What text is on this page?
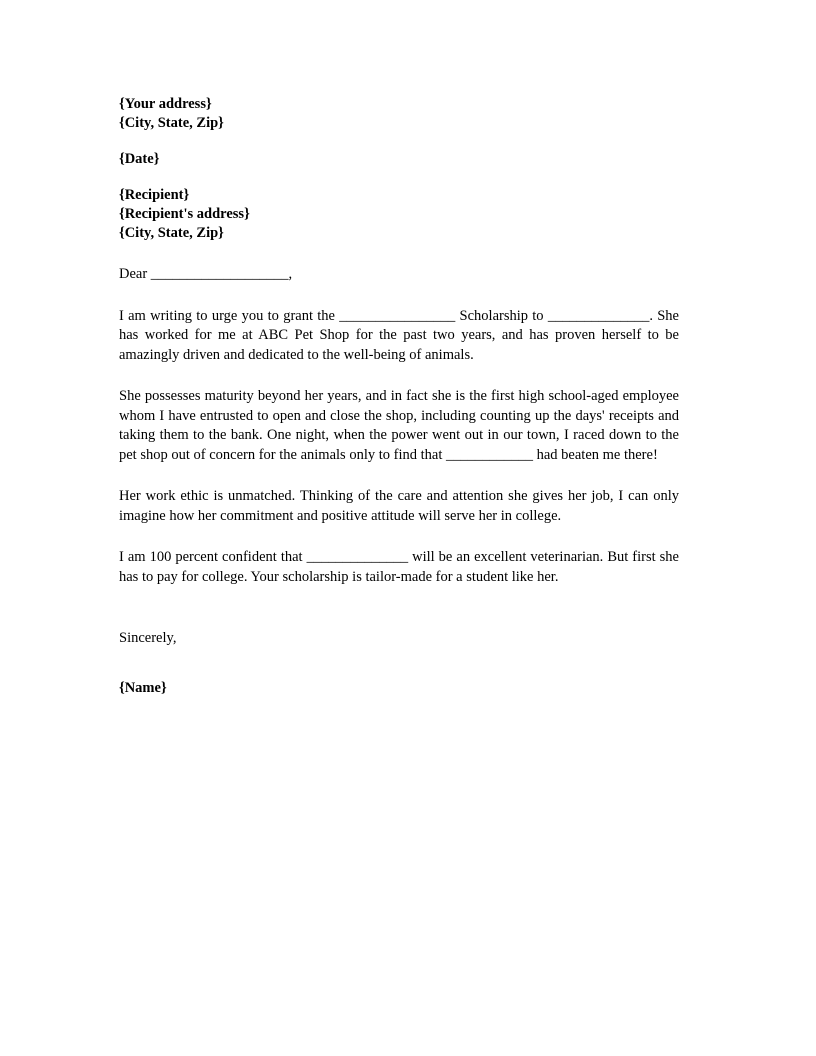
{Your address}
{City, State, Zip}
{Date}
{Recipient}
{Recipient's address}
{City, State, Zip}

Dear ___________________,

I am writing to urge you to grant the ________________ Scholarship to ______________. She has worked for me at ABC Pet Shop for the past two years, and has proven herself to be amazingly driven and dedicated to the well-being of animals.

She possesses maturity beyond her years, and in fact she is the first high school-aged employee whom I have entrusted to open and close the shop, including counting up the days' receipts and taking them to the bank. One night, when the power went out in our town, I raced down to the pet shop out of concern for the animals only to find that ____________ had beaten me there!

Her work ethic is unmatched. Thinking of the care and attention she gives her job, I can only imagine how her commitment and positive attitude will serve her in college.

I am 100 percent confident that ______________ will be an excellent veterinarian. But first she has to pay for college. Your scholarship is tailor-made for a student like her.

Sincerely,

{Name}
